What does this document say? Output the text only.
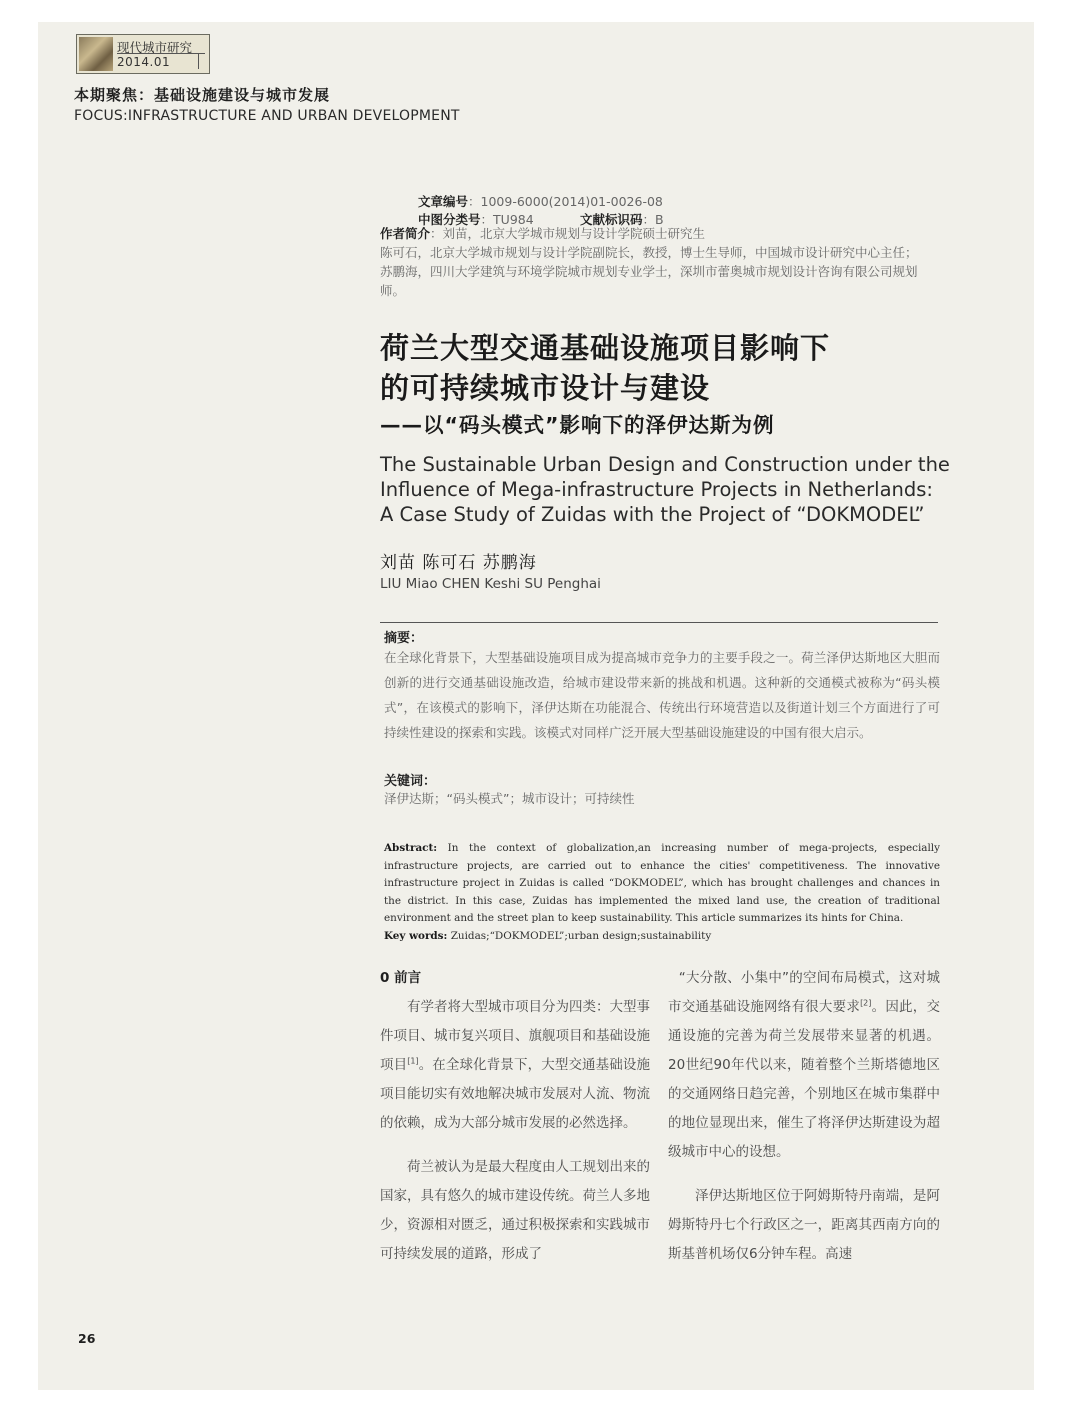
现代城市研究
2014.01
本期聚焦：基础设施建设与城市发展
FOCUS:INFRASTRUCTURE AND URBAN DEVELOPMENT
文章编号：1009-6000(2014)01-0026-08
中图分类号：TU984	文献标识码：B
作者简介：刘苗，北京大学城市规划与设计学院硕士研究生
陈可石，北京大学城市规划与设计学院副院长，教授，博士生导师，中国城市设计研究中心主任；
苏鹏海，四川大学建筑与环境学院城市规划专业学士，深圳市蕾奥城市规划设计咨询有限公司规划师。
荷兰大型交通基础设施项目影响下
的可持续城市设计与建设
——以“码头模式”影响下的泽伊达斯为例
The Sustainable Urban Design and Construction under the
Influence of Mega-infrastructure Projects in Netherlands:
A Case Study of Zuidas with the Project of “DOKMODEL”
刘苗 陈可石 苏鹏海
LIU Miao CHEN Keshi SU Penghai
摘要：
在全球化背景下，大型基础设施项目成为提高城市竞争力的主要手段之一。荷兰泽伊达斯地区大胆而创新的进行交通基础设施改造，给城市建设带来新的挑战和机遇。这种新的交通模式被称为“码头模式”，在该模式的影响下，泽伊达斯在功能混合、传统出行环境营造以及街道计划三个方面进行了可持续性建设的探索和实践。该模式对同样广泛开展大型基础设施建设的中国有很大启示。
关键词：
泽伊达斯；“码头模式”；城市设计；可持续性
Abstract: In the context of globalization,an increasing number of mega-projects, especially infrastructure projects, are carried out to enhance the cities' competitiveness. The innovative infrastructure project in Zuidas is called “DOKMODEL”, which has brought challenges and chances in the district. In this case, Zuidas has implemented the mixed land use, the creation of traditional environment and the street plan to keep sustainability. This article summarizes its hints for China.
Key words: Zuidas;“DOKMODEL”;urban design;sustainability

0 前言

有学者将大型城市项目分为四类：大型事件项目、城市复兴项目、旗舰项目和基础设施项目[1]。在全球化背景下，大型交通基础设施项目能切实有效地解决城市发展对人流、物流的依赖，成为大部分城市发展的必然选择。

荷兰被认为是最大程度由人工规划出来的国家，具有悠久的城市建设传统。荷兰人多地少，资源相对匮乏，通过积极探索和实践城市可持续发展的道路，形成了

“大分散、小集中”的空间布局模式，这对城市交通基础设施网络有很大要求[2]。因此，交通设施的完善为荷兰发展带来显著的机遇。20世纪90年代以来，随着整个兰斯塔德地区的交通网络日趋完善，个别地区在城市集群中的地位显现出来，催生了将泽伊达斯建设为超级城市中心的设想。

泽伊达斯地区位于阿姆斯特丹南端，是阿姆斯特丹七个行政区之一，距离其西南方向的斯基普机场仅6分钟车程。高速

26
